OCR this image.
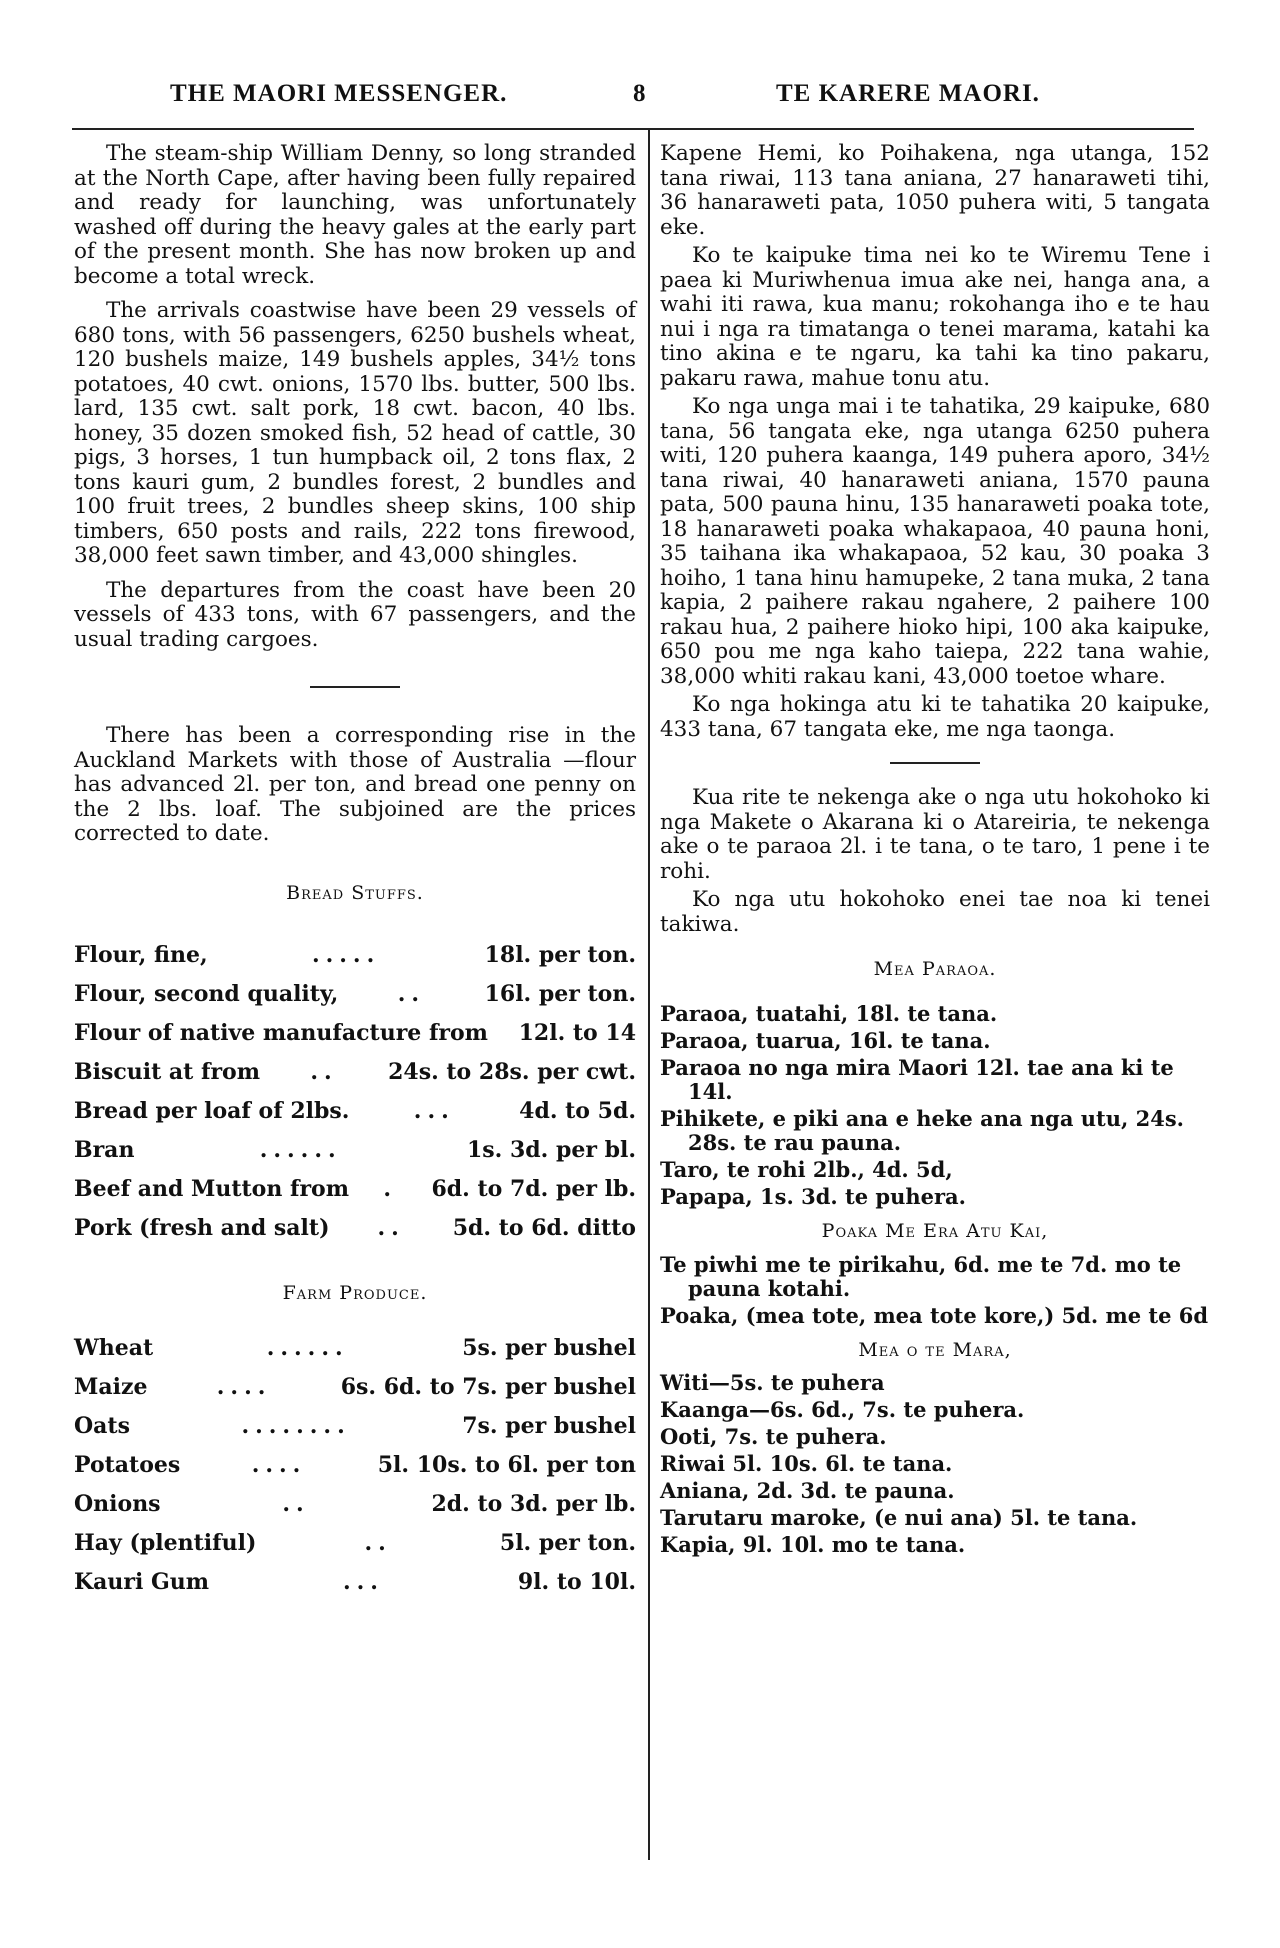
THE MAORI MESSENGER.	8	TE KARERE MAORI.

The steam-ship William Denny, so long stranded at the North Cape, after having been fully repaired and ready for launching, was unfortunately washed off during the heavy gales at the early part of the present month. She has now broken up and become a total wreck.

The arrivals coastwise have been 29 vessels of 680 tons, with 56 passengers, 6250 bushels wheat, 120 bushels maize, 149 bushels apples, 34½ tons potatoes, 40 cwt. onions, 1570 lbs. butter, 500 lbs. lard, 135 cwt. salt pork, 18 cwt. bacon, 40 lbs. honey, 35 dozen smoked fish, 52 head of cattle, 30 pigs, 3 horses, 1 tun humpback oil, 2 tons flax, 2 tons kauri gum, 2 bundles forest, 2 bundles and 100 fruit trees, 2 bundles sheep skins, 100 ship timbers, 650 posts and rails, 222 tons firewood, 38,000 feet sawn timber, and 43,000 shingles.

The departures from the coast have been 20 vessels of 433 tons, with 67 passengers, and the usual trading cargoes.

There has been a corresponding rise in the Auckland Markets with those of Australia —flour has advanced 2l. per ton, and bread one penny on the 2 lbs. loaf. The subjoined are the prices corrected to date.

Bread Stuffs.
Flour, fine,	.....	18l. per ton.
Flour, second quality,	..	16l. per ton.
Flour of native manufacture from 12l. to 14
Biscuit at from	..	24s. to 28s. per cwt.
Bread per loaf of 2lbs.	...	4d. to 5d.
Bran	......	1s. 3d. per bl.
Beef and Mutton from	.	6d. to 7d. per lb.
Pork (fresh and salt)	..	5d. to 6d. ditto
Farm Produce.
Wheat	......	5s. per bushel
Maize	....	6s. 6d. to 7s. per bushel
Oats	........	7s. per bushel
Potatoes	....	5l. 10s. to 6l. per ton
Onions	..	2d. to 3d. per lb.
Hay (plentiful)	..	5l. per ton.
Kauri Gum	...	9l. to 10l.

Kapene Hemi, ko Poihakena, nga utanga, 152 tana riwai, 113 tana aniana, 27 hanaraweti tihi, 36 hanaraweti pata, 1050 puhera witi, 5 tangata eke.

Ko te kaipuke tima nei ko te Wiremu Tene i paea ki Muriwhenua imua ake nei, hanga ana, a wahi iti rawa, kua manu; rokohanga iho e te hau nui i nga ra timatanga o tenei marama, katahi ka tino akina e te ngaru, ka tahi ka tino pakaru, pakaru rawa, mahue tonu atu.

Ko nga unga mai i te tahatika, 29 kaipuke, 680 tana, 56 tangata eke, nga utanga 6250 puhera witi, 120 puhera kaanga, 149 puhera aporo, 34½ tana riwai, 40 hanaraweti aniana, 1570 pauna pata, 500 pauna hinu, 135 hanaraweti poaka tote, 18 hanaraweti poaka whakapaoa, 40 pauna honi, 35 taihana ika whakapaoa, 52 kau, 30 poaka 3 hoiho, 1 tana hinu hamupeke, 2 tana muka, 2 tana kapia, 2 paihere rakau ngahere, 2 paihere 100 rakau hua, 2 paihere hioko hipi, 100 aka kaipuke, 650 pou me nga kaho taiepa, 222 tana wahie, 38,000 whiti rakau kani, 43,000 toetoe whare.

Ko nga hokinga atu ki te tahatika 20 kaipuke, 433 tana, 67 tangata eke, me nga taonga.

Kua rite te nekenga ake o nga utu hokohoko ki nga Makete o Akarana ki o Atareiria, te nekenga ake o te paraoa 2l. i te tana, o te taro, 1 pene i te rohi.

Ko nga utu hokohoko enei tae noa ki tenei takiwa.

Mea Paraoa.
Paraoa, tuatahi, 18l. te tana.
Paraoa, tuarua, 16l. te tana.
Paraoa no nga mira Maori 12l. tae ana ki te 14l.
Pihikete, e piki ana e heke ana nga utu, 24s. 28s. te rau pauna.
Taro, te rohi 2lb., 4d. 5d,
Papapa, 1s. 3d. te puhera.
Poaka Me Era Atu Kai,
Te piwhi me te pirikahu, 6d. me te 7d. mo te pauna kotahi.
Poaka, (mea tote, mea tote kore,) 5d. me te 6d
Mea o te Mara,
Witi—5s. te puhera
Kaanga—6s. 6d., 7s. te puhera.
Ooti, 7s. te puhera.
Riwai 5l. 10s. 6l. te tana.
Aniana, 2d. 3d. te pauna.
Tarutaru maroke, (e nui ana) 5l. te tana.
Kapia, 9l. 10l. mo te tana.
